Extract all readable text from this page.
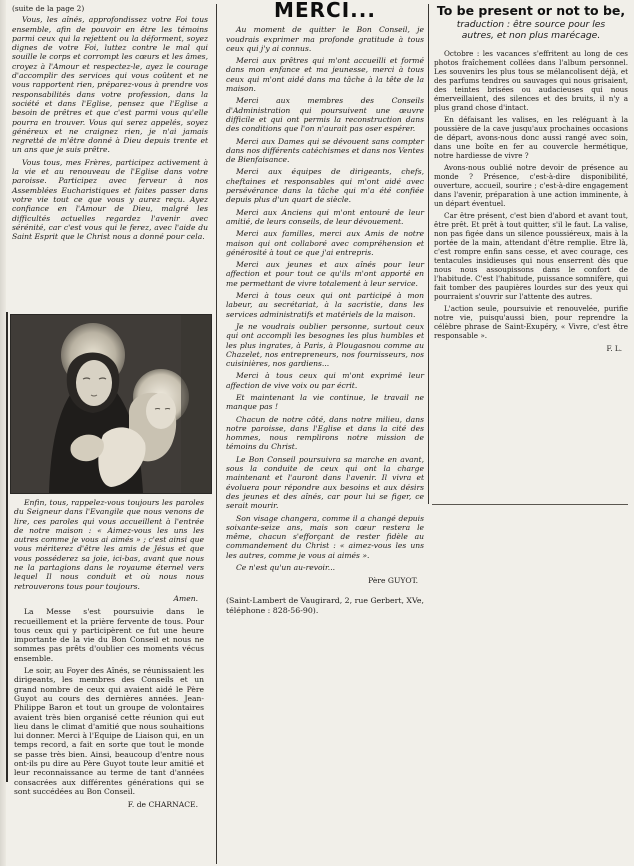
(suite de la page 2)

Vous, les aînés, approfondissez votre Foi tous ensemble, afin de pouvoir en être les témoins parmi ceux qui la rejettent ou la déforment, soyez dignes de votre Foi, luttez contre le mal qui souille le corps et corrompt les cœurs et les âmes, croyez à l'Amour et respectez-le, ayez le courage d'accomplir des services qui vous coûtent et ne vous rapportent rien, préparez-vous à prendre vos responsabilités dans votre profession, dans la société et dans l'Eglise, pensez que l'Eglise a besoin de prêtres et que c'est parmi vous qu'elle pourra en trouver. Vous qui serez appelés, soyez généreux et ne craignez rien, je n'ai jamais regretté de m'être donné à Dieu depuis trente et un ans que je suis prêtre.

Vous tous, mes Frères, participez activement à la vie et au renouveau de l'Eglise dans votre paroisse. Participez avec ferveur à nos Assemblées Eucharistiques et faites passer dans votre vie tout ce que vous y aurez reçu. Ayez confiance en l'Amour de Dieu, malgré les difficultés actuelles regardez l'avenir avec sérénité, car c'est vous qui le ferez, avec l'aide du Saint Esprit que le Christ nous a donné pour cela.

Enfin, tous, rappelez-vous toujours les paroles du Seigneur dans l'Evangile que nous venons de lire, ces paroles qui vous accueillent à l'entrée de notre maison : « Aimez-vous les uns les autres comme je vous ai aimés » ; c'est ainsi que vous mériterez d'être les amis de Jésus et que vous posséderez sa joie, ici-bas, avant que nous ne la partagions dans le royaume éternel vers lequel Il nous conduit et où nous nous retrouverons tous pour toujours.

Amen.

La Messe s'est poursuivie dans le recueillement et la prière fervente de tous. Pour tous ceux qui y participèrent ce fut une heure importante de la vie du Bon Conseil et nous ne sommes pas prêts d'oublier ces moments vécus ensemble.

Le soir, au Foyer des Aînés, se réunissaient les dirigeants, les membres des Conseils et un grand nombre de ceux qui avaient aidé le Père Guyot au cours des dernières années. Jean-Philippe Baron et tout un groupe de volontaires avaient très bien organisé cette réunion qui eut lieu dans le climat d'amitié que nous souhaitions lui donner. Merci à l'Equipe de Liaison qui, en un temps record, a fait en sorte que tout le monde se passe très bien. Ainsi, beaucoup d'entre nous ont-ils pu dire au Père Guyot toute leur amitié et leur reconnaissance au terme de tant d'années consacrées aux différentes générations qui se sont succédées au Bon Conseil.

F. de CHARNACE.
MERCI...

Au moment de quitter le Bon Conseil, je voudrais exprimer ma profonde gratitude à tous ceux qui j'y ai connus.

Merci aux prêtres qui m'ont accueilli et formé dans mon enfance et ma jeunesse, merci à tous ceux qui m'ont aidé dans ma tâche à la tête de la maison.

Merci aux membres des Conseils d'Administration qui poursuivent une œuvre difficile et qui ont permis la reconstruction dans des conditions que l'on n'aurait pas oser espérer.

Merci aux Dames qui se dévouent sans compter dans nos différents catéchismes et dans nos Ventes de Bienfaisance.

Merci aux équipes de dirigeants, chefs, cheftaines et responsables qui m'ont aidé avec persévérance dans la tâche qui m'a été confiée depuis plus d'un quart de siècle.

Merci aux Anciens qui m'ont entouré de leur amitié, de leurs conseils, de leur dévouement.

Merci aux familles, merci aux Amis de notre maison qui ont collaboré avec compréhension et générosité à tout ce que j'ai entrepris.

Merci aux jeunes et aux aînés pour leur affection et pour tout ce qu'ils m'ont apporté en me permettant de vivre totalement à leur service.

Merci à tous ceux qui ont participé à mon labeur, au secrétariat, à la sacristie, dans les services administratifs et matériels de la maison.

Je ne voudrais oublier personne, surtout ceux qui ont accompli les besognes les plus humbles et les plus ingrates, à Paris, à Plougasnou comme au Chazelet, nos entrepreneurs, nos fournisseurs, nos cuisinières, nos gardiens...

Merci à tous ceux qui m'ont exprimé leur affection de vive voix ou par écrit.

Et maintenant la vie continue, le travail ne manque pas !

Chacun de notre côté, dans notre milieu, dans notre paroisse, dans l'Eglise et dans la cité des hommes, nous remplirons notre mission de témoins du Christ.

Le Bon Conseil poursuivra sa marche en avant, sous la conduite de ceux qui ont la charge maintenant et l'auront dans l'avenir. Il vivra et évoluera pour répondre aux besoins et aux désirs des jeunes et des aînés, car pour lui se figer, ce serait mourir.

Son visage changera, comme il a changé depuis soixante-seize ans, mais son cœur restera le même, chacun s'efforçant de rester fidèle au commandement du Christ : « aimez-vous les uns les autres, comme je vous ai aimés ».

Ce n'est qu'un au-revoir...

Père GUYOT.

(Saint-Lambert de Vaugirard, 2, rue Gerbert, XVe, téléphone : 828-56-90).

To be present or not to be,
traduction : être source pour les autres, et non plus marécage.

Octobre : les vacances s'effritent au long de ces photos fraîchement collées dans l'album personnel. Les souvenirs les plus tous se mélancolisent déjà, et des parfums tendres ou sauvages qui nous grisaient, des teintes brisées ou audacieuses qui nous émerveillaient, des silences et des bruits, il n'y a plus grand chose d'intact.

En défaisant les valises, en les reléguant à la poussière de la cave jusqu'aux prochaines occasions de départ, avons-nous donc aussi rangé avec soin, dans une boîte en fer au couvercle hermétique, notre hardiesse de vivre ?

Avons-nous oublié notre devoir de présence au monde ? Présence, c'est-à-dire disponibilité, ouverture, accueil, sourire ; c'est-à-dire engagement dans l'avenir, préparation à une action imminente, à un départ éventuel.

Car être présent, c'est bien d'abord et avant tout, être prêt. Et prêt à tout quitter, s'il le faut. La valise, non pas figée dans un silence poussiéreux, mais à la portée de la main, attendant d'être remplie. Etre là, c'est rompre enfin sans cesse, et avec courage, ces tentacules insidieuses qui nous enserrent dès que nous nous assoupissons dans le confort de l'habitude. C'est l'habitude, puissance somnifère, qui fait tomber des paupières lourdes sur des yeux qui pourraient s'ouvrir sur l'attente des autres.

L'action seule, poursuivie et renouvelée, purifie notre vie, puisqu'aussi bien, pour reprendre la célèbre phrase de Saint-Exupéry, « Vivre, c'est être responsable ».

F. L.
